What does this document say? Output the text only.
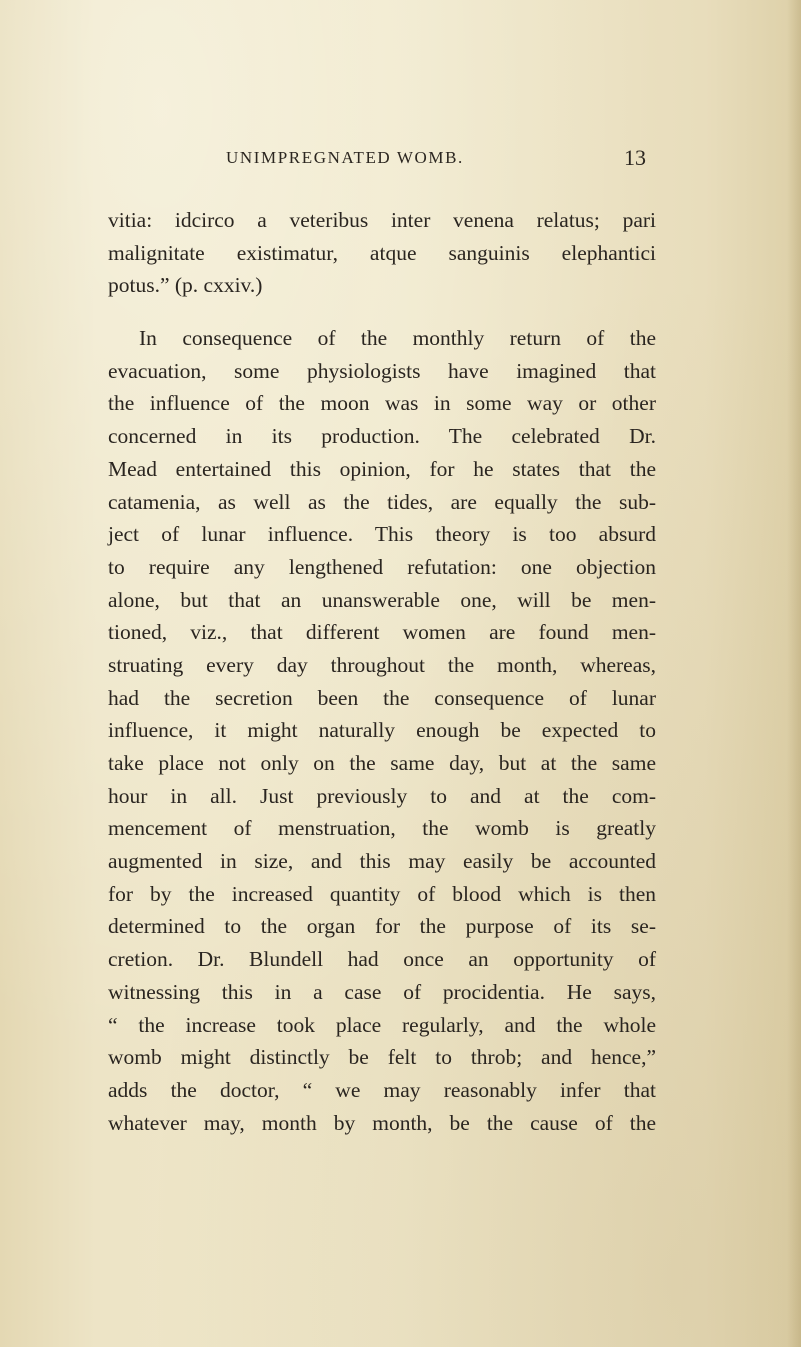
UNIMPREGNATED WOMB.	13
vitia: idcirco a veteribus inter venena relatus; pari
malignitate existimatur, atque sanguinis elephantici
potus.” (p. cxxiv.)
In consequence of the monthly return of the
evacuation, some physiologists have imagined that
the influence of the moon was in some way or other
concerned in its production. The celebrated Dr.
Mead entertained this opinion, for he states that the
catamenia, as well as the tides, are equally the sub-
ject of lunar influence. This theory is too absurd
to require any lengthened refutation: one objection
alone, but that an unanswerable one, will be men-
tioned, viz., that different women are found men-
struating every day throughout the month, whereas,
had the secretion been the consequence of lunar
influence, it might naturally enough be expected to
take place not only on the same day, but at the same
hour in all. Just previously to and at the com-
mencement of menstruation, the womb is greatly
augmented in size, and this may easily be accounted
for by the increased quantity of blood which is then
determined to the organ for the purpose of its se-
cretion. Dr. Blundell had once an opportunity of
witnessing this in a case of procidentia. He says,
“ the increase took place regularly, and the whole
womb might distinctly be felt to throb; and hence,”
adds the doctor, “ we may reasonably infer that
whatever may, month by month, be the cause of the
